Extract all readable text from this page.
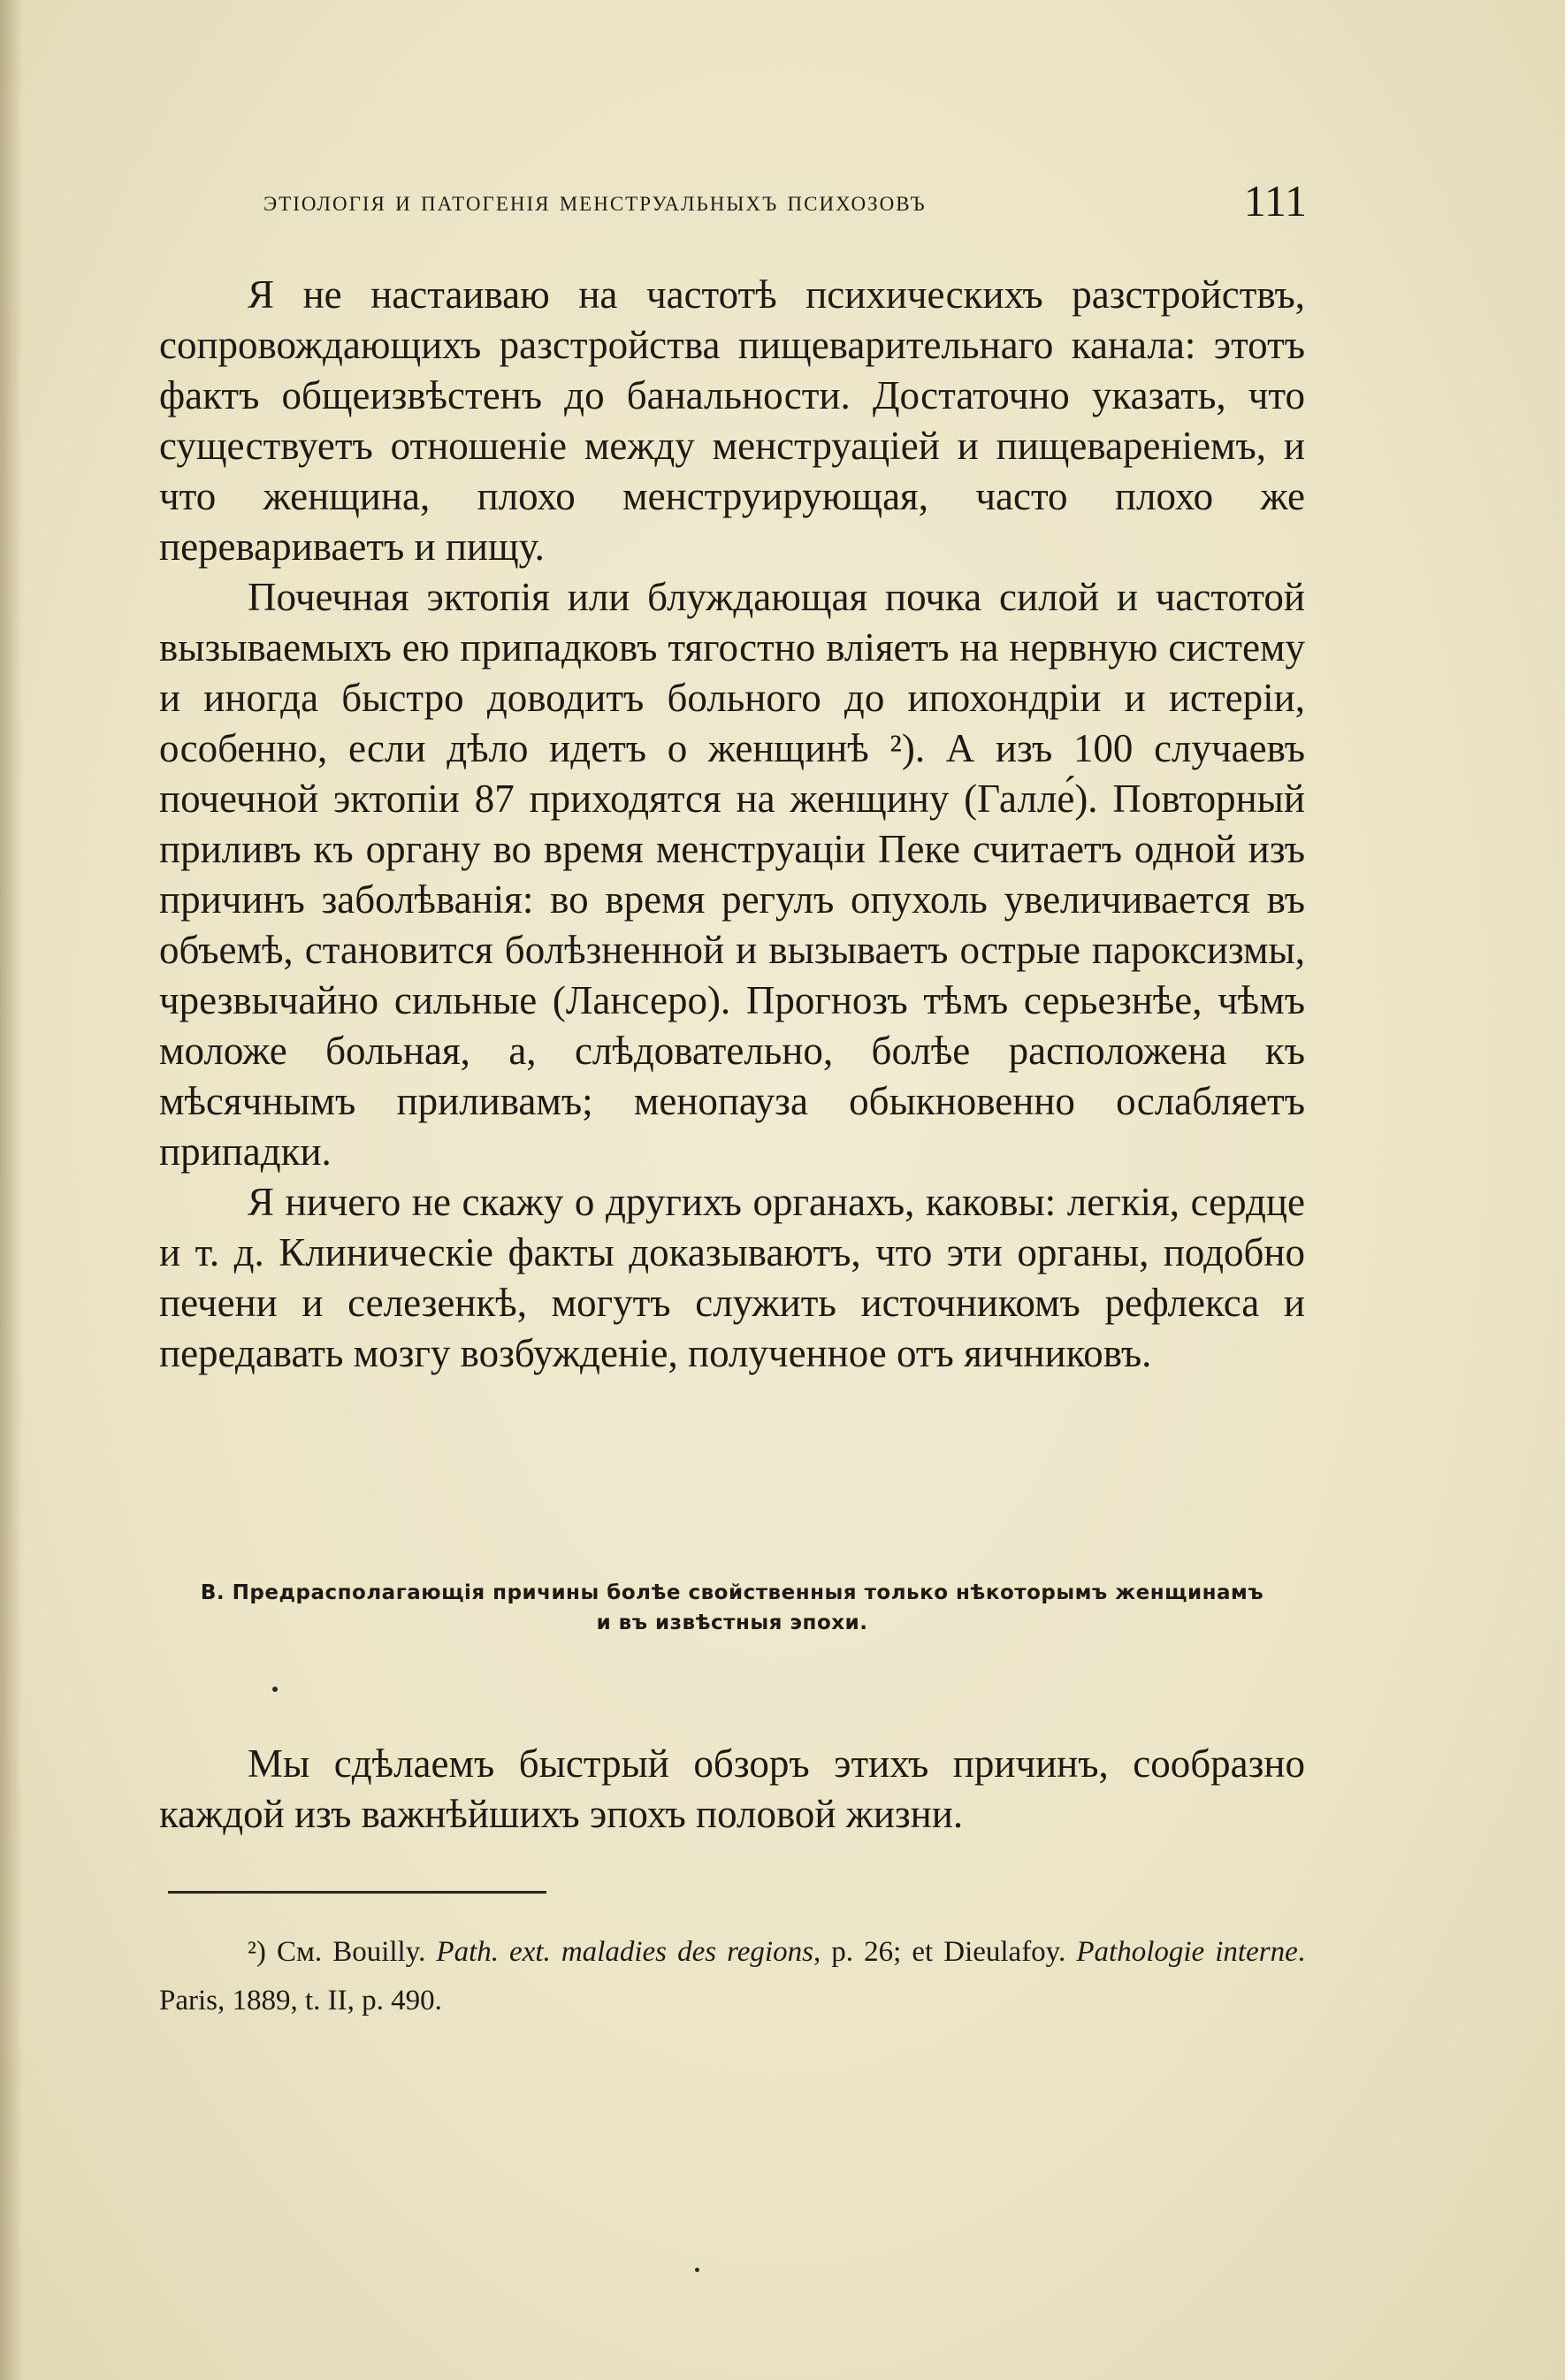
этіологія и патогенія менструальныхъ психозовъ	111

Я не настаиваю на частотѣ психическихъ разстройствъ, сопровождающихъ разстройства пищеварительнаго канала: этотъ фактъ общеизвѣстенъ до банальности. Достаточно указать, что существуетъ отношеніе между менструаціей и пищевареніемъ, и что женщина, плохо менструирующая, часто плохо же перевариваетъ и пищу.

Почечная эктопія или блуждающая почка силой и частотой вызываемыхъ ею припадковъ тягостно вліяетъ на нервную систему и иногда быстро доводитъ больного до ипохондріи и истеріи, особенно, если дѣло идетъ о женщинѣ ²). А изъ 100 случаевъ почечной эктопіи 87 приходятся на женщину (Галле́). Повторный приливъ къ органу во время менструаціи Пеке считаетъ одной изъ причинъ заболѣванія: во время регулъ опухоль увеличивается въ объемѣ, становится болѣзненной и вызываетъ острые пароксизмы, чрезвычайно сильные (Лансеро). Прогнозъ тѣмъ серьезнѣе, чѣмъ моложе больная, а, слѣдовательно, болѣе расположена къ мѣсячнымъ приливамъ; менопауза обыкновенно ослабляетъ припадки.

Я ничего не скажу о другихъ органахъ, каковы: легкія, сердце и т. д. Клиническіе факты доказываютъ, что эти органы, подобно печени и селезенкѣ, могутъ служить источникомъ рефлекса и передавать мозгу возбужденіе, полученное отъ яичниковъ.

B. Предрасполагающія причины болѣе свойственныя только нѣкоторымъ женщинамъ
и въ извѣстныя эпохи.

Мы сдѣлаемъ быстрый обзоръ этихъ причинъ, сообразно каждой изъ важнѣйшихъ эпохъ половой жизни.

²) См. Bouilly. Path. ext. maladies des regions, p. 26; et Dieulafoy. Pathologie interne. Paris, 1889, t. II, p. 490.
